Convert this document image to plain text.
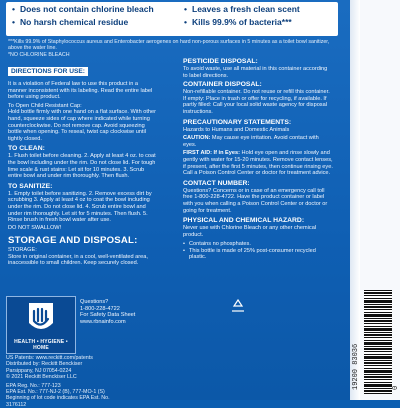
• Does not contain chlorine bleach
• No harsh chemical residue
• Leaves a fresh clean scent
• Kills 99.9% of bacteria***
***Kills 99.9% of Staphylococcus aureus and Enterobacter aerogenes on hard non-porous surfaces in 5 minutes as a toilet bowl sanitizer, above the water line.
*NO CHLORINE BLEACH
DIRECTIONS FOR USE:
It is a violation of Federal law to use this product in a manner inconsistent with its labeling. Read the entire label before using product.
To Open Child Resistant Cap:
Hold bottle firmly with one hand on a flat surface. With other hand, squeeze sides of cap where indicated while turning counterclockwise. Do not remove cap. Avoid squeezing bottle when opening. To reseal, twist cap clockwise until tightly closed.
TO CLEAN:
1. Flush toilet before cleaning. 2. Apply at least 4 oz. to coat the bowl including under the rim. Do not close lid. For tough lime scale & rust stains: Let sit for 10 minutes. 3. Scrub entire bowl and under rim thoroughly. Then flush.
TO SANITIZE:
1. Empty toilet before sanitizing. 2. Remove excess dirt by scrubbing 3. Apply at least 4 oz to coat the bowl including under the rim. Do not close lid. 4. Scrub entire bowl and under rim thoroughly. Let sit for 5 minutes. Then flush. 5. Rinse brush in fresh bowl water after use.
DO NOT SWALLOW!
STORAGE AND DISPOSAL:
STORAGE:
Store in original container, in a cool, well-ventilated area, inaccessible to small children. Keep securely closed.
HEALTH • HYGIENE • HOME
Questions?
1-800-228-4722
For Safety Data Sheet
www.rbnainfo.com
US Patents: www.reckitt.com/patents
Distributed by: Reckitt Benckiser
Parsippany, NJ 07054-0224
© 2021 Reckitt Benckiser LLC
EPA Reg. No.: 777-123
EPA Est. No.: 777-NJ-2 (B), 777-MO-1 (S)
Beginning of lot code indicates EPA Est. No.
3176112
PESTICIDE DISPOSAL:
To avoid waste, use all material in this container according to label directions.
CONTAINER DISPOSAL:
Non-refillable container. Do not reuse or refill this container. If empty: Place in trash or offer for recycling, if available. If partly filled: Call your local solid waste agency for disposal instructions.
PRECAUTIONARY STATEMENTS:
Hazards to Humans and Domestic Animals
CAUTION: May cause eye irritation. Avoid contact with eyes.
FIRST AID: If in Eyes: Hold eye open and rinse slowly and gently with water for 15-20 minutes. Remove contact lenses, if present, after the first 5 minutes, then continue rinsing eye. Call a Poison Control Center or doctor for treatment advice.
CONTACT NUMBER:
Questions? Concerns or in case of an emergency call toll free 1-800-228-4722. Have the product container or label with you when calling a Poison Control Center or doctor or going for treatment.
PHYSICAL AND CHEMICAL HAZARD:
Never use with Chlorine Bleach or any other chemical product.
• Contains no phosphates.
• This bottle is made of 25% post-consumer recycled plastic.
19200 83036	0
